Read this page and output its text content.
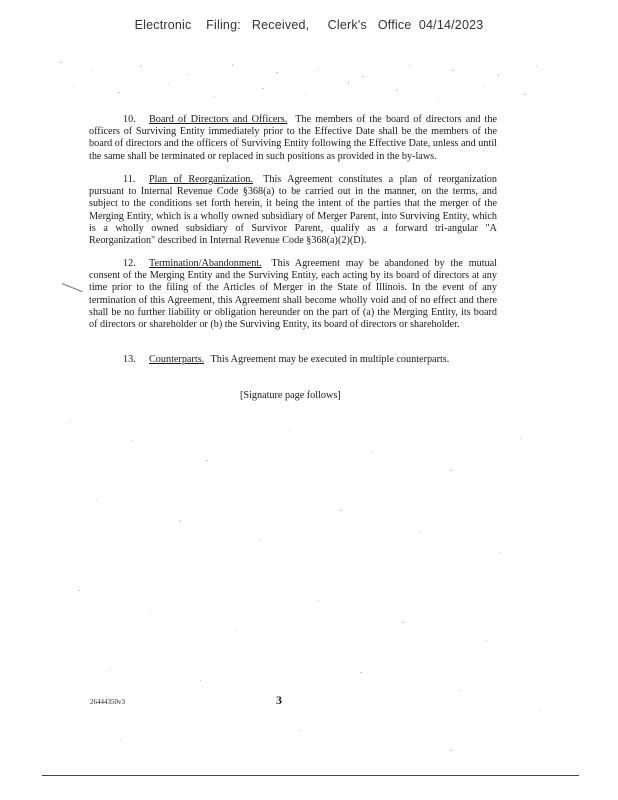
Electronic    Filing:   Received,     Clerk's   Office  04/14/2023

10. Board of Directors and Officers. The members of the board of directors and the officers of Surviving Entity immediately prior to the Effective Date shall be the members of the board of directors and the officers of Surviving Entity following the Effective Date, unless and until the same shall be terminated or replaced in such positions as provided in the by-laws.

11. Plan of Reorganization. This Agreement constitutes a plan of reorganization pursuant to Internal Revenue Code §368(a) to be carried out in the manner, on the terms, and subject to the conditions set forth herein, it being the intent of the parties that the merger of the Merging Entity, which is a wholly owned subsidiary of Merger Parent, into Surviving Entity, which is a wholly owned subsidiary of Survivor Parent, qualify as a forward tri-angular "A Reorganization" described in Internal Revenue Code §368(a)(2)(D).

12. Termination/Abandonment. This Agreement may be abandoned by the mutual consent of the Merging Entity and the Surviving Entity, each acting by its board of directors at any time prior to the filing of the Articles of Merger in the State of Illinois. In the event of any termination of this Agreement, this Agreement shall become wholly void and of no effect and there shall be no further liability or obligation hereunder on the part of (a) the Merging Entity, its board of directors or shareholder or (b) the Surviving Entity, its board of directors or shareholder.

13. Counterparts. This Agreement may be executed in multiple counterparts.

[Signature page follows]
26444350v3	3
